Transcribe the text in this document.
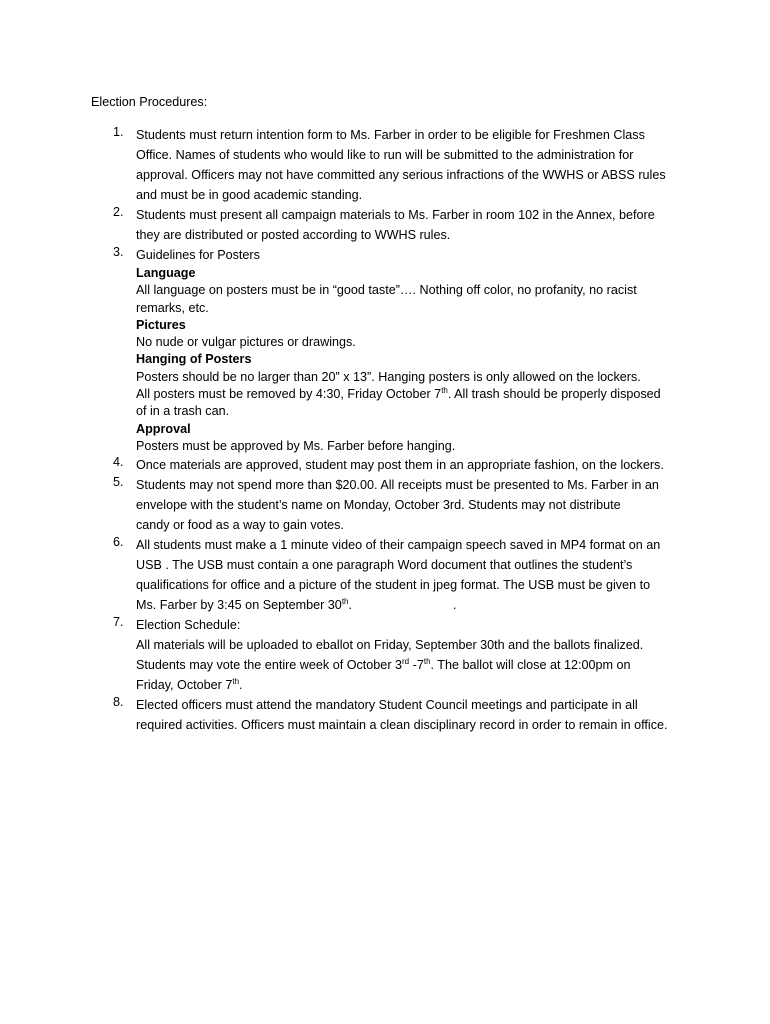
Election Procedures:
1. Students must return intention form to Ms. Farber in order to be eligible for Freshmen Class
Office. Names of students who would like to run will be submitted to the administration for
approval. Officers may not have committed any serious infractions of the WWHS or ABSS rules
and must be in good academic standing.
2. Students must present all campaign materials to Ms. Farber in room 102 in the Annex, before
they are distributed or posted according to WWHS rules.
3. Guidelines for Posters
Language
All language on posters must be in “good taste”…. Nothing off color, no profanity, no racist
remarks, etc.
Pictures
No nude or vulgar pictures or drawings.
Hanging of Posters
Posters should be no larger than 20” x 13”. Hanging posters is only allowed on the lockers.
All posters must be removed by 4:30, Friday October 7th. All trash should be properly disposed
of in a trash can.
Approval
Posters must be approved by Ms. Farber before hanging.
4. Once materials are approved, student may post them in an appropriate fashion, on the lockers.
5. Students may not spend more than $20.00. All receipts must be presented to Ms. Farber in an
envelope with the student’s name on Monday, October 3rd. Students may not distribute
candy or food as a way to gain votes.
6. All students must make a 1 minute video of their campaign speech saved in MP4 format on an
USB . The USB must contain a one paragraph Word document that outlines the student’s
qualifications for office and a picture of the student in jpeg format. The USB must be given to
Ms. Farber by 3:45 on September 30th.	.
7. Election Schedule:
All materials will be uploaded to eballot on Friday, September 30th and the ballots finalized.
Students may vote the entire week of October 3rd -7th. The ballot will close at 12:00pm on
Friday, October 7th.
8. Elected officers must attend the mandatory Student Council meetings and participate in all
required activities. Officers must maintain a clean disciplinary record in order to remain in office.
